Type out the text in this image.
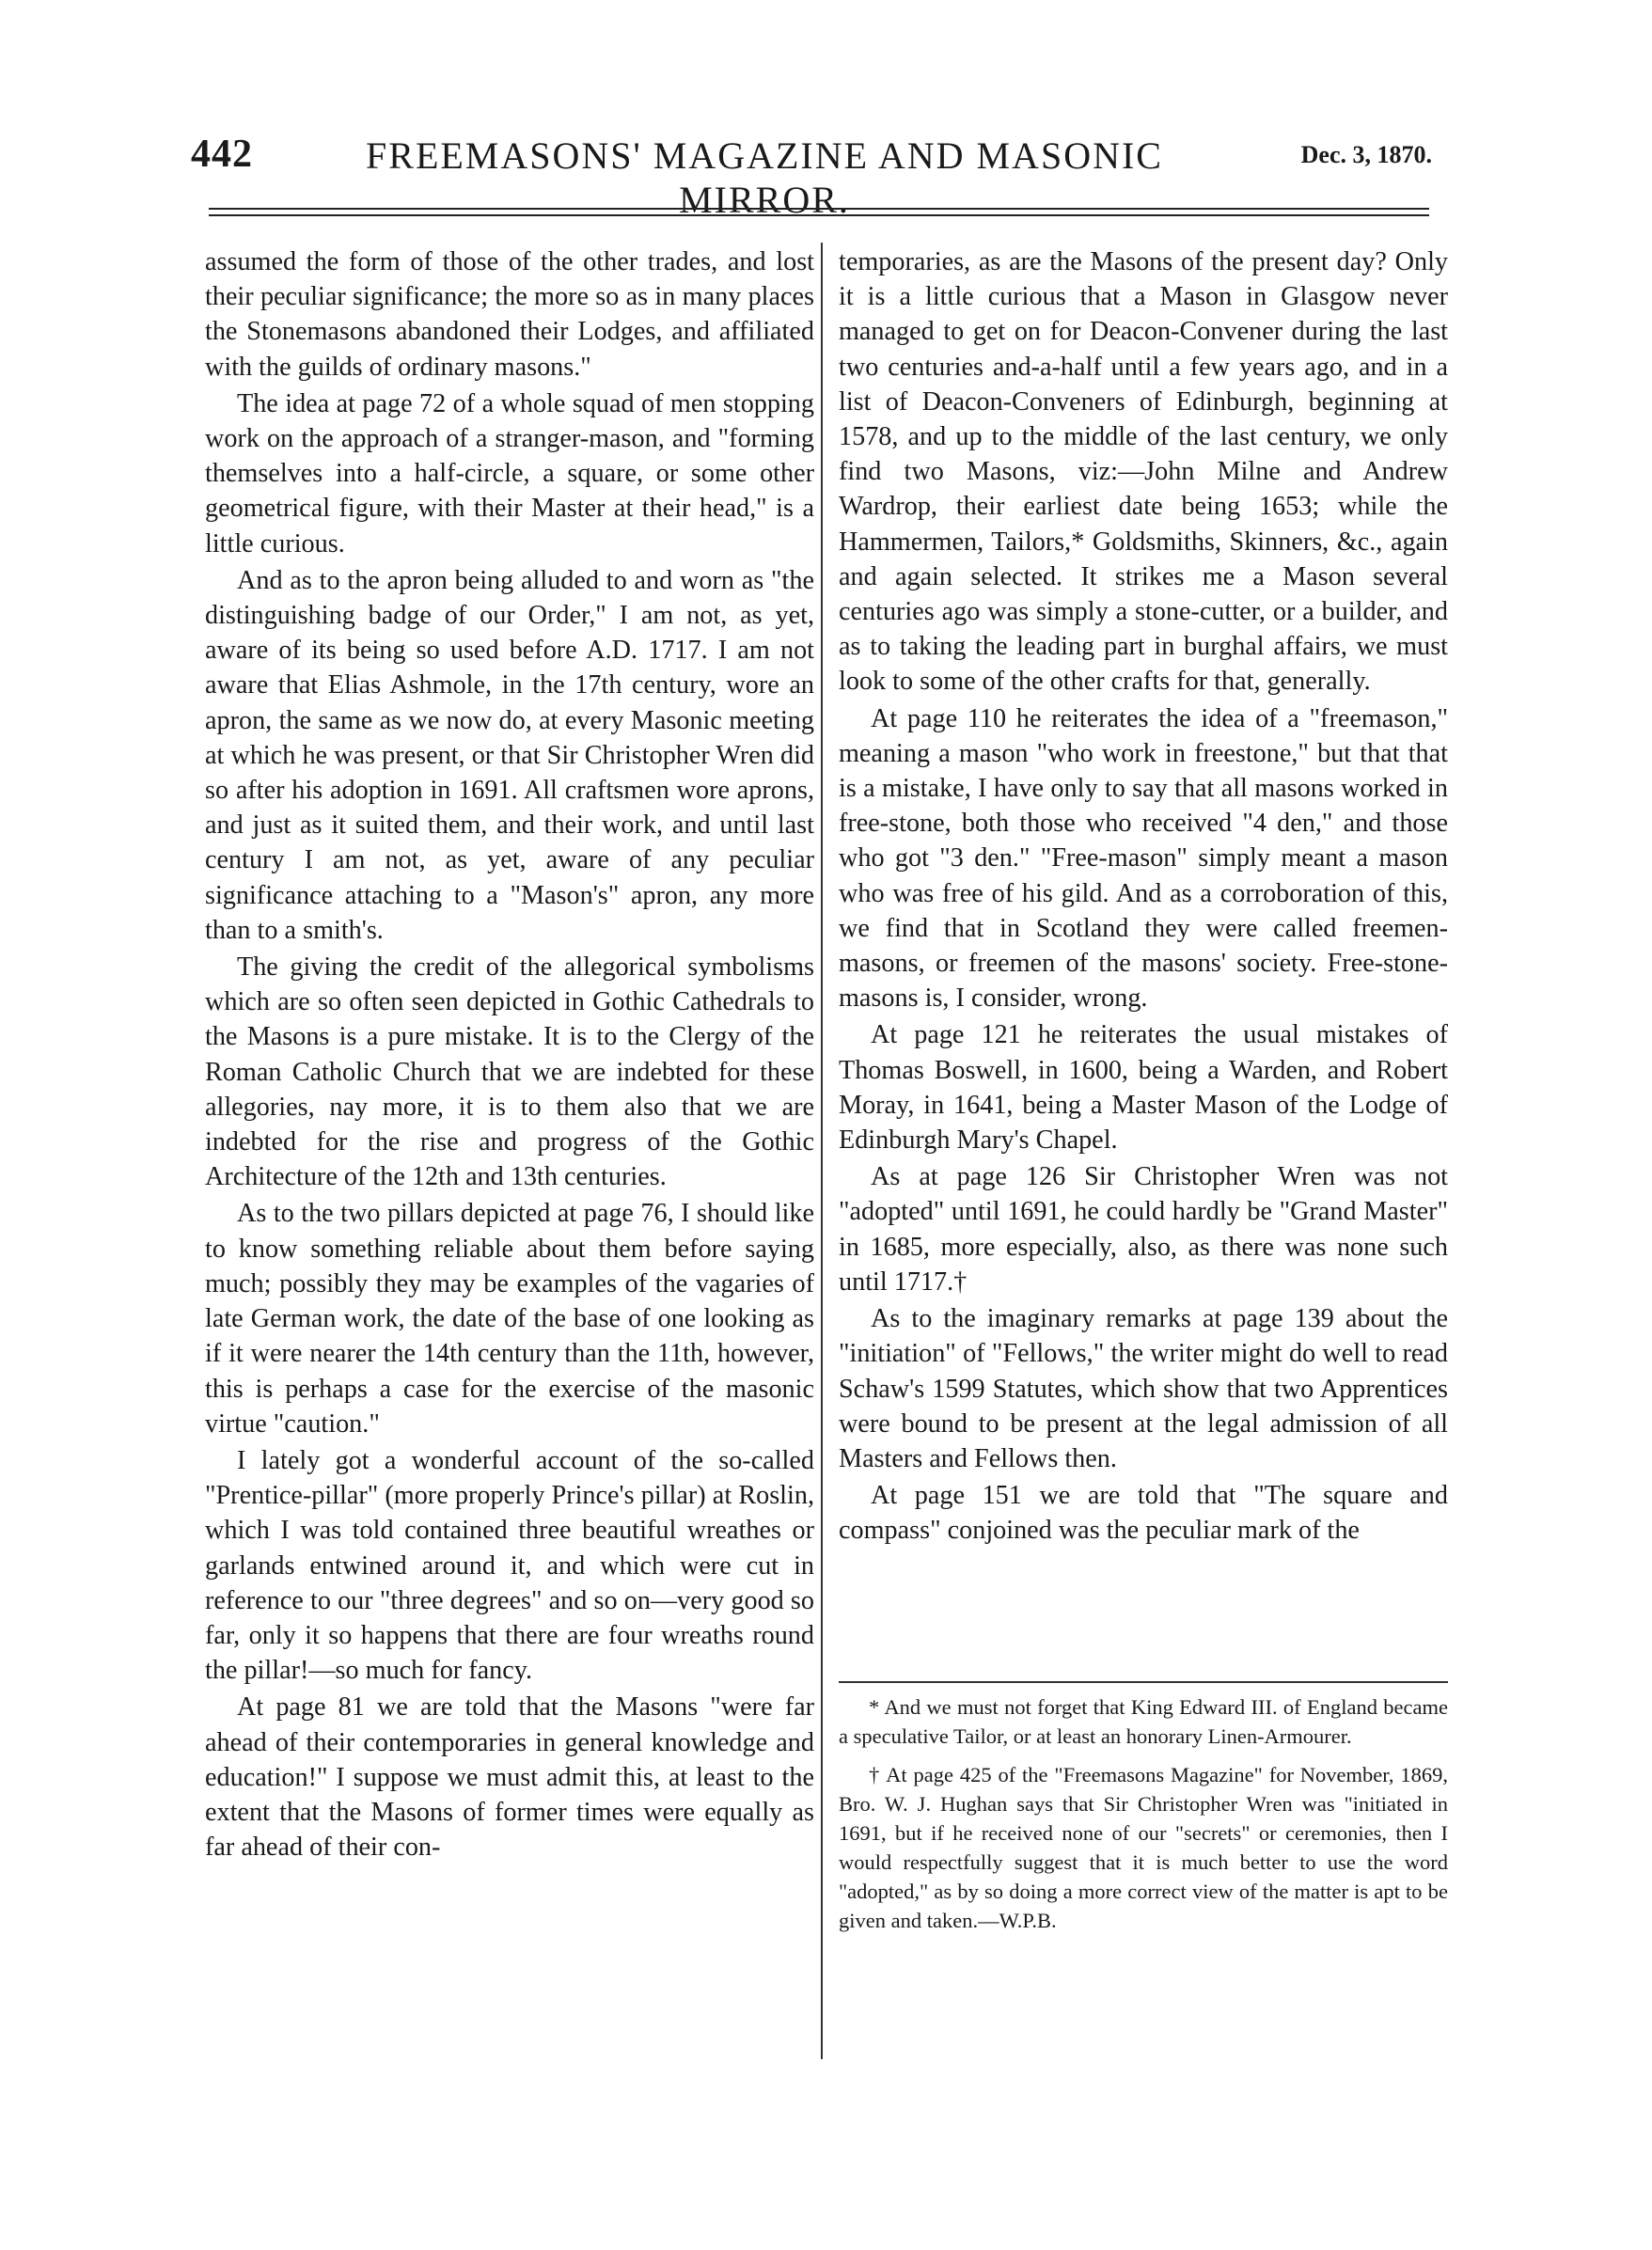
442	FREEMASONS' MAGAZINE AND MASONIC MIRROR.
Dec. 3, 1870.

assumed the form of those of the other trades, and lost their peculiar significance; the more so as in many places the Stonemasons abandoned their Lodges, and affiliated with the guilds of ordinary masons."

The idea at page 72 of a whole squad of men stopping work on the approach of a stranger-mason, and "forming themselves into a half-circle, a square, or some other geometrical figure, with their Master at their head," is a little curious.

And as to the apron being alluded to and worn as "the distinguishing badge of our Order," I am not, as yet, aware of its being so used before A.D. 1717. I am not aware that Elias Ashmole, in the 17th century, wore an apron, the same as we now do, at every Masonic meeting at which he was present, or that Sir Christopher Wren did so after his adoption in 1691. All craftsmen wore aprons, and just as it suited them, and their work, and until last century I am not, as yet, aware of any peculiar significance attaching to a "Mason's" apron, any more than to a smith's.

The giving the credit of the allegorical symbolisms which are so often seen depicted in Gothic Cathedrals to the Masons is a pure mistake. It is to the Clergy of the Roman Catholic Church that we are indebted for these allegories, nay more, it is to them also that we are indebted for the rise and progress of the Gothic Architecture of the 12th and 13th centuries.

As to the two pillars depicted at page 76, I should like to know something reliable about them before saying much; possibly they may be examples of the vagaries of late German work, the date of the base of one looking as if it were nearer the 14th century than the 11th, however, this is perhaps a case for the exercise of the masonic virtue "caution."

I lately got a wonderful account of the so-called "Prentice-pillar" (more properly Prince's pillar) at Roslin, which I was told contained three beautiful wreathes or garlands entwined around it, and which were cut in reference to our "three degrees" and so on—very good so far, only it so happens that there are four wreaths round the pillar!—so much for fancy.

At page 81 we are told that the Masons "were far ahead of their contemporaries in general knowledge and education!" I suppose we must admit this, at least to the extent that the Masons of former times were equally as far ahead of their con-

temporaries, as are the Masons of the present day? Only it is a little curious that a Mason in Glasgow never managed to get on for Deacon-Convener during the last two centuries and-a-half until a few years ago, and in a list of Deacon-Conveners of Edinburgh, beginning at 1578, and up to the middle of the last century, we only find two Masons, viz:—John Milne and Andrew Wardrop, their earliest date being 1653; while the Hammermen, Tailors,* Goldsmiths, Skinners, &c., again and again selected. It strikes me a Mason several centuries ago was simply a stone-cutter, or a builder, and as to taking the leading part in burghal affairs, we must look to some of the other crafts for that, generally.

At page 110 he reiterates the idea of a "freemason," meaning a mason "who work in freestone," but that that is a mistake, I have only to say that all masons worked in free-stone, both those who received "4 den," and those who got "3 den." "Free-mason" simply meant a mason who was free of his gild. And as a corroboration of this, we find that in Scotland they were called freemen-masons, or freemen of the masons' society. Free-stone-masons is, I consider, wrong.

At page 121 he reiterates the usual mistakes of Thomas Boswell, in 1600, being a Warden, and Robert Moray, in 1641, being a Master Mason of the Lodge of Edinburgh Mary's Chapel.

As at page 126 Sir Christopher Wren was not "adopted" until 1691, he could hardly be "Grand Master" in 1685, more especially, also, as there was none such until 1717.†

As to the imaginary remarks at page 139 about the "initiation" of "Fellows," the writer might do well to read Schaw's 1599 Statutes, which show that two Apprentices were bound to be present at the legal admission of all Masters and Fellows then.

At page 151 we are told that "The square and compass" conjoined was the peculiar mark of the

* And we must not forget that King Edward III. of England became a speculative Tailor, or at least an honorary Linen-Armourer.

† At page 425 of the "Freemasons Magazine" for November, 1869, Bro. W. J. Hughan says that Sir Christopher Wren was "initiated in 1691, but if he received none of our "secrets" or ceremonies, then I would respectfully suggest that it is much better to use the word "adopted," as by so doing a more correct view of the matter is apt to be given and taken.—W.P.B.
